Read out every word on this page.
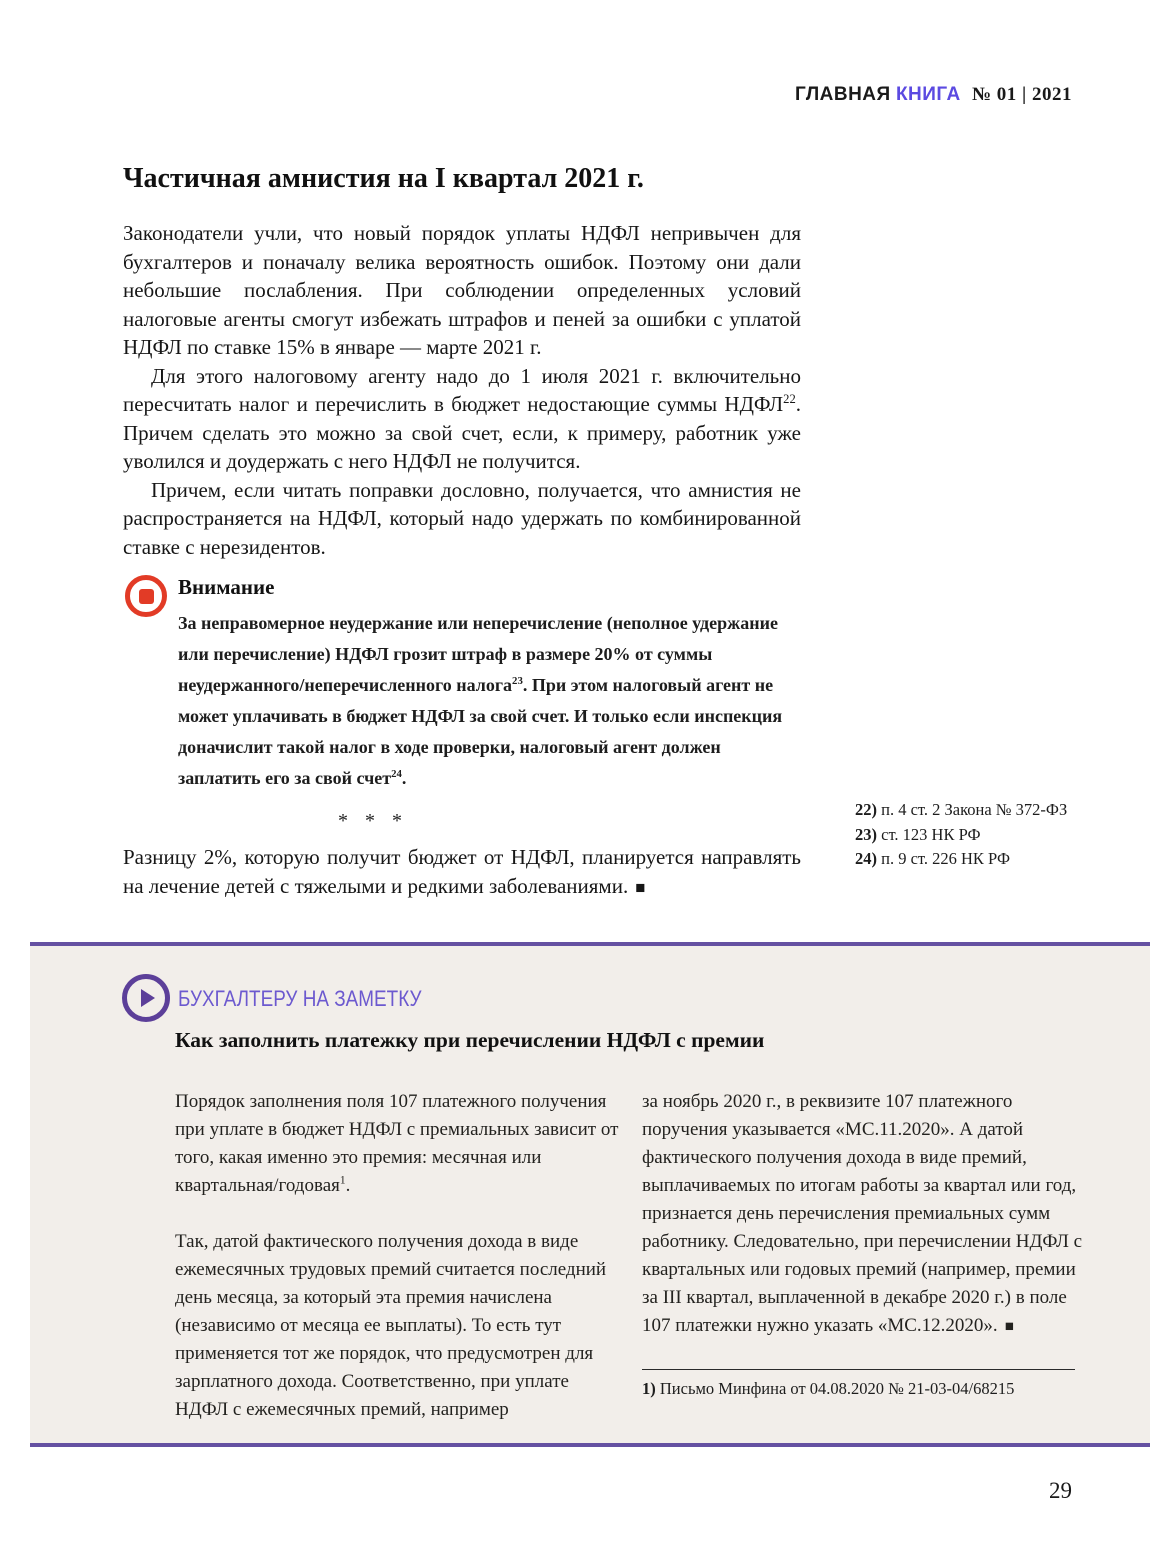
ГЛАВНАЯ КНИГА № 01 | 2021
Частичная амнистия на I квартал 2021 г.

Законодатели учли, что новый порядок уплаты НДФЛ непривычен для бухгалтеров и поначалу велика вероятность ошибок. Поэтому они дали небольшие послабления. При соблюдении определенных условий налоговые агенты смогут избежать штрафов и пеней за ошибки с уплатой НДФЛ по ставке 15% в январе — марте 2021 г.

Для этого налоговому агенту надо до 1 июля 2021 г. включительно пересчитать налог и перечислить в бюджет недостающие суммы НДФЛ$^{22}$. Причем сделать это можно за свой счет, если, к примеру, работник уже уволился и доудержать с него НДФЛ не получится.

Причем, если читать поправки дословно, получается, что амнистия не распространяется на НДФЛ, который надо удержать по комбинированной ставке с нерезидентов.

Внимание
За неправомерное неудержание или неперечисление (неполное удержание или перечисление) НДФЛ грозит штраф в размере 20% от суммы неудержанного/неперечисленного налога$^{23}$. При этом налоговый агент не может уплачивать в бюджет НДФЛ за свой счет. И только если инспекция доначислит такой налог в ходе проверки, налоговый агент должен заплатить его за свой счет$^{24}$.
* * *

Разницу 2%, которую получит бюджет от НДФЛ, планируется направлять на лечение детей с тяжелыми и редкими заболеваниями. ■

22) п. 4 ст. 2 Закона № 372-ФЗ
23) ст. 123 НК РФ
24) п. 9 ст. 226 НК РФ
БУХГАЛТЕРУ НА ЗАМЕТКУ
Как заполнить платежку при перечислении НДФЛ с премии

Порядок заполнения поля 107 платежного получения при уплате в бюджет НДФЛ с премиальных зависит от того, какая именно это премия: месячная или квартальная/годовая$^1$.

Так, датой фактического получения дохода в виде ежемесячных трудовых премий считается последний день месяца, за который эта премия начислена (независимо от месяца ее выплаты). То есть тут применяется тот же порядок, что предусмотрен для зарплатного дохода. Соответственно, при уплате НДФЛ с ежемесячных премий, например

за ноябрь 2020 г., в реквизите 107 платежного поручения указывается «МС.11.2020». А датой фактического получения дохода в виде премий, выплачиваемых по итогам работы за квартал или год, признается день перечисления премиальных сумм работнику. Следовательно, при перечислении НДФЛ с квартальных или годовых премий (например, премии за III квартал, выплаченной в декабре 2020 г.) в поле 107 платежки нужно указать «МС.12.2020». ■

1) Письмо Минфина от 04.08.2020 № 21-03-04/68215
29
